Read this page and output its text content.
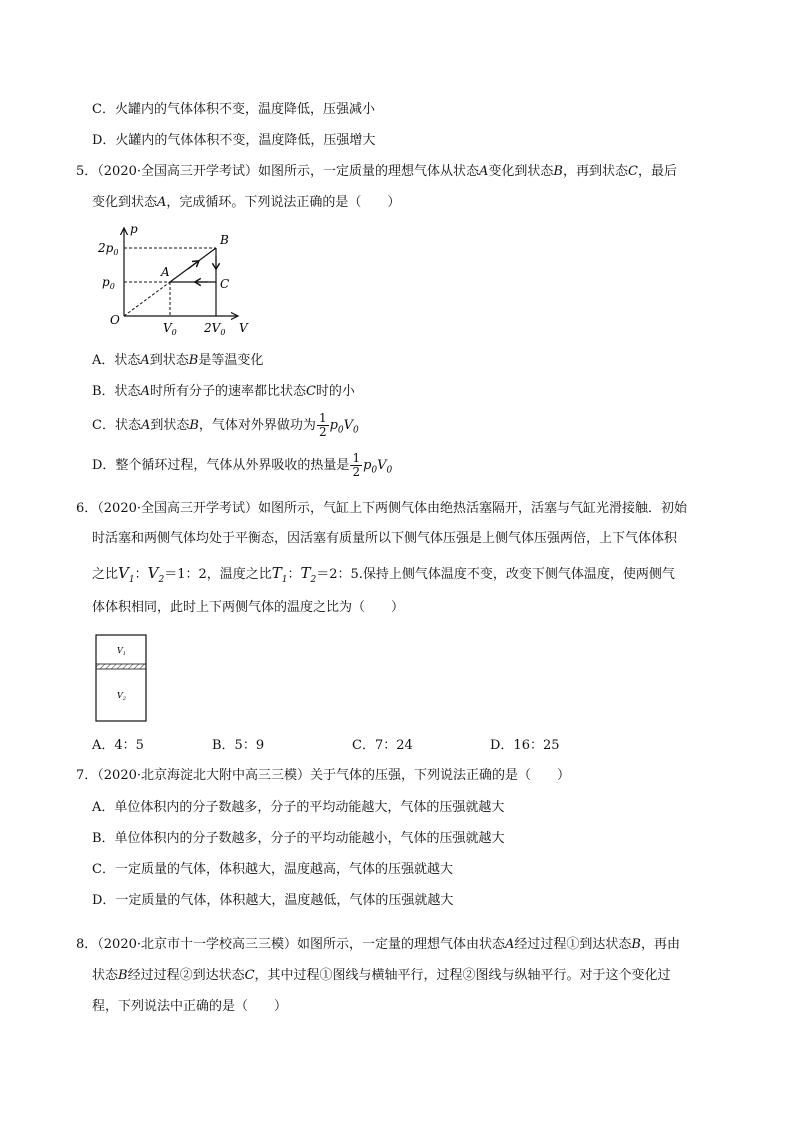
C．火罐内的气体体积不变，温度降低，压强减小
D．火罐内的气体体积不变，温度降低，压强增大
5．（2020·全国高三开学考试）如图所示，一定质量的理想气体从状态A变化到状态B，再到状态C，最后
变化到状态A，完成循环。下列说法正确的是（　　）
p
V
O
$2p_0$
$p_0$
$V_0$ $2V_0$
A
B
C
A．状态A到状态B是等温变化
B．状态A时所有分子的速率都比状态C时的小
C．状态A到状态B，气体对外界做功为 $\frac{1}{2} p_0V_0$
D．整个循环过程，气体从外界吸收的热量是 $\frac{1}{2} p_0V_0$
6．（2020·全国高三开学考试）如图所示，气缸上下两侧气体由绝热活塞隔开，活塞与气缸光滑接触．初始
时活塞和两侧气体均处于平衡态，因活塞有质量所以下侧气体压强是上侧气体压强两倍，上下气体体积
之比$V_1$：$V_2=1$：2，温度之比$T_1$：$T_2=2$：5.保持上侧气体温度不变，改变下侧气体温度，使两侧气
体体积相同，此时上下两侧气体的温度之比为（　　）
$V_1$
$V_2$
A．4：5	B．5：9	C．7：24	D．16：25
7．（2020·北京海淀北大附中高三三模）关于气体的压强，下列说法正确的是（　　）
A．单位体积内的分子数越多，分子的平均动能越大，气体的压强就越大
B．单位体积内的分子数越多，分子的平均动能越小，气体的压强就越大
C．一定质量的气体，体积越大，温度越高，气体的压强就越大
D．一定质量的气体，体积越大，温度越低，气体的压强就越大
8．（2020·北京市十一学校高三三模）如图所示，一定量的理想气体由状态A经过过程①到达状态B，再由
状态B经过过程②到达状态C，其中过程①图线与横轴平行，过程②图线与纵轴平行。对于这个变化过
程，下列说法中正确的是（　　）
